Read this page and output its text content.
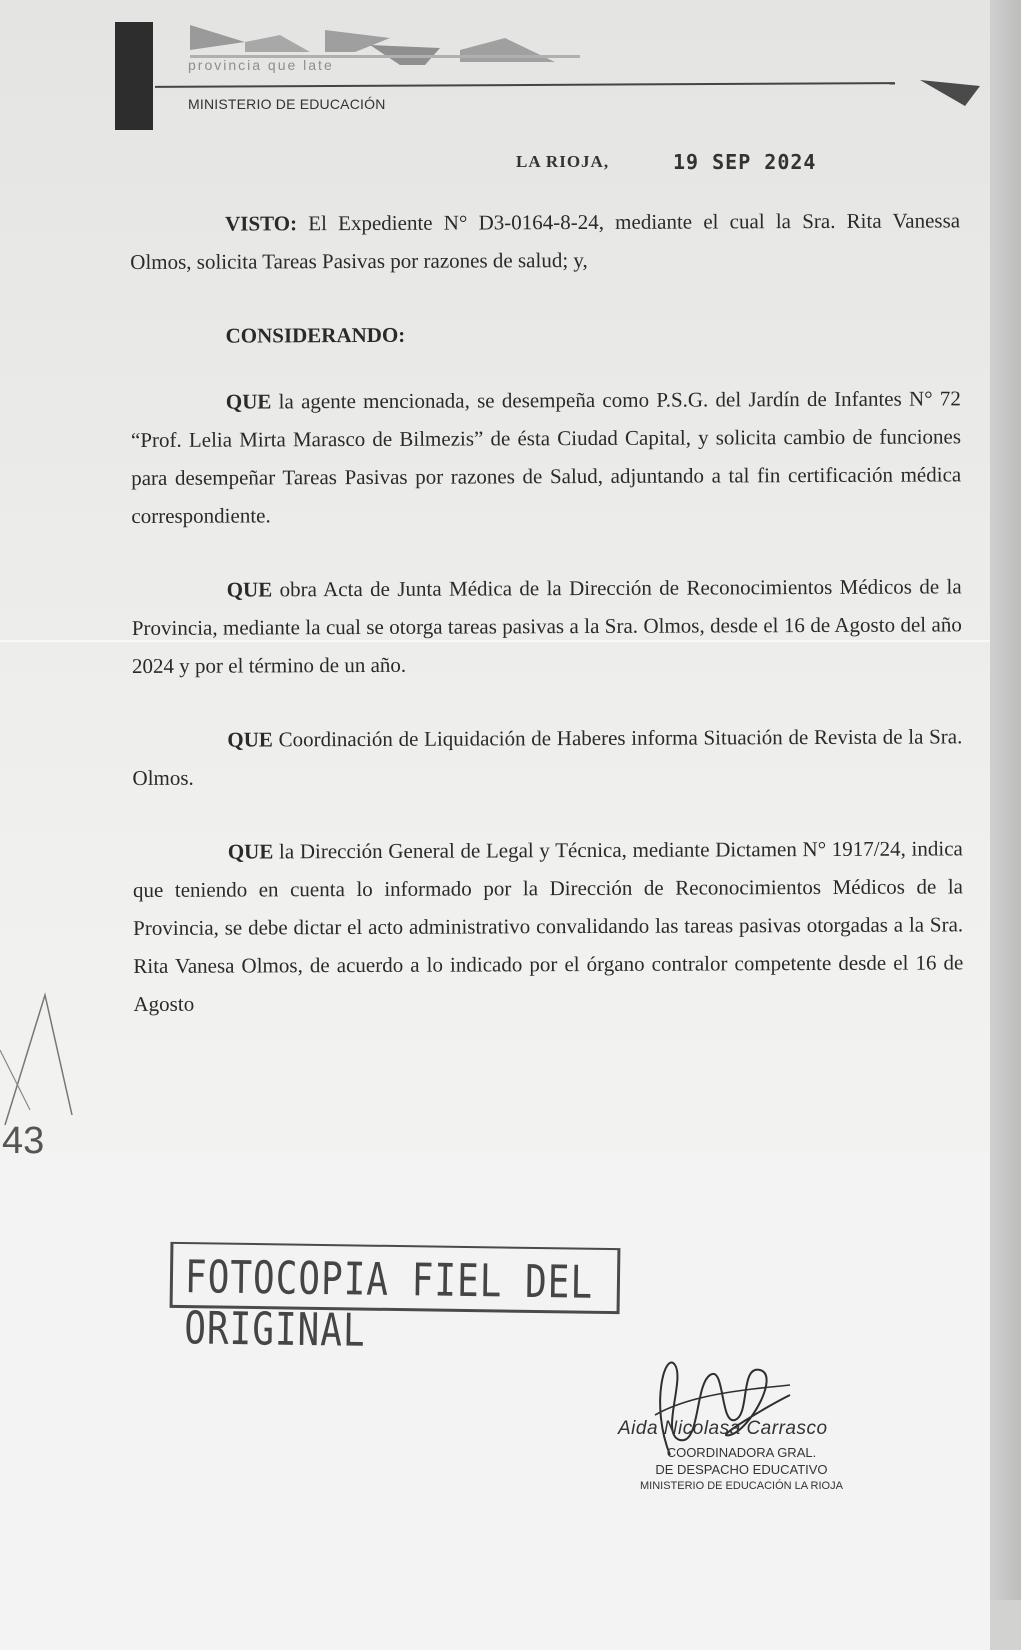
provincia que late
MINISTERIO DE EDUCACIÓN
LA RIOJA,	19 SEP 2024

VISTO: El Expediente N° D3-0164-8-24, mediante el cual la Sra. Rita Vanessa Olmos, solicita Tareas Pasivas por razones de salud; y,

CONSIDERANDO:

QUE la agente mencionada, se desempeña como P.S.G. del Jardín de Infantes N° 72 “Prof. Lelia Mirta Marasco de Bilmezis” de ésta Ciudad Capital, y solicita cambio de funciones para desempeñar Tareas Pasivas por razones de Salud, adjuntando a tal fin certificación médica correspondiente.

QUE obra Acta de Junta Médica de la Dirección de Reconocimientos Médicos de la Provincia, mediante la cual se otorga tareas pasivas a la Sra. Olmos, desde el 16 de Agosto del año 2024 y por el término de un año.

QUE Coordinación de Liquidación de Haberes informa Situación de Revista de la Sra. Olmos.

QUE la Dirección General de Legal y Técnica, mediante Dictamen N° 1917/24, indica que teniendo en cuenta lo informado por la Dirección de Reconocimientos Médicos de la Provincia, se debe dictar el acto administrativo convalidando las tareas pasivas otorgadas a la Sra. Rita Vanesa Olmos, de acuerdo a lo indicado por el órgano contralor competente desde el 16 de Agosto

43
FOTOCOPIA FIEL DEL ORIGINAL
Aida Nicolasa Carrasco
COORDINADORA GRAL.
DE DESPACHO EDUCATIVO
MINISTERIO DE EDUCACIÓN LA RIOJA
